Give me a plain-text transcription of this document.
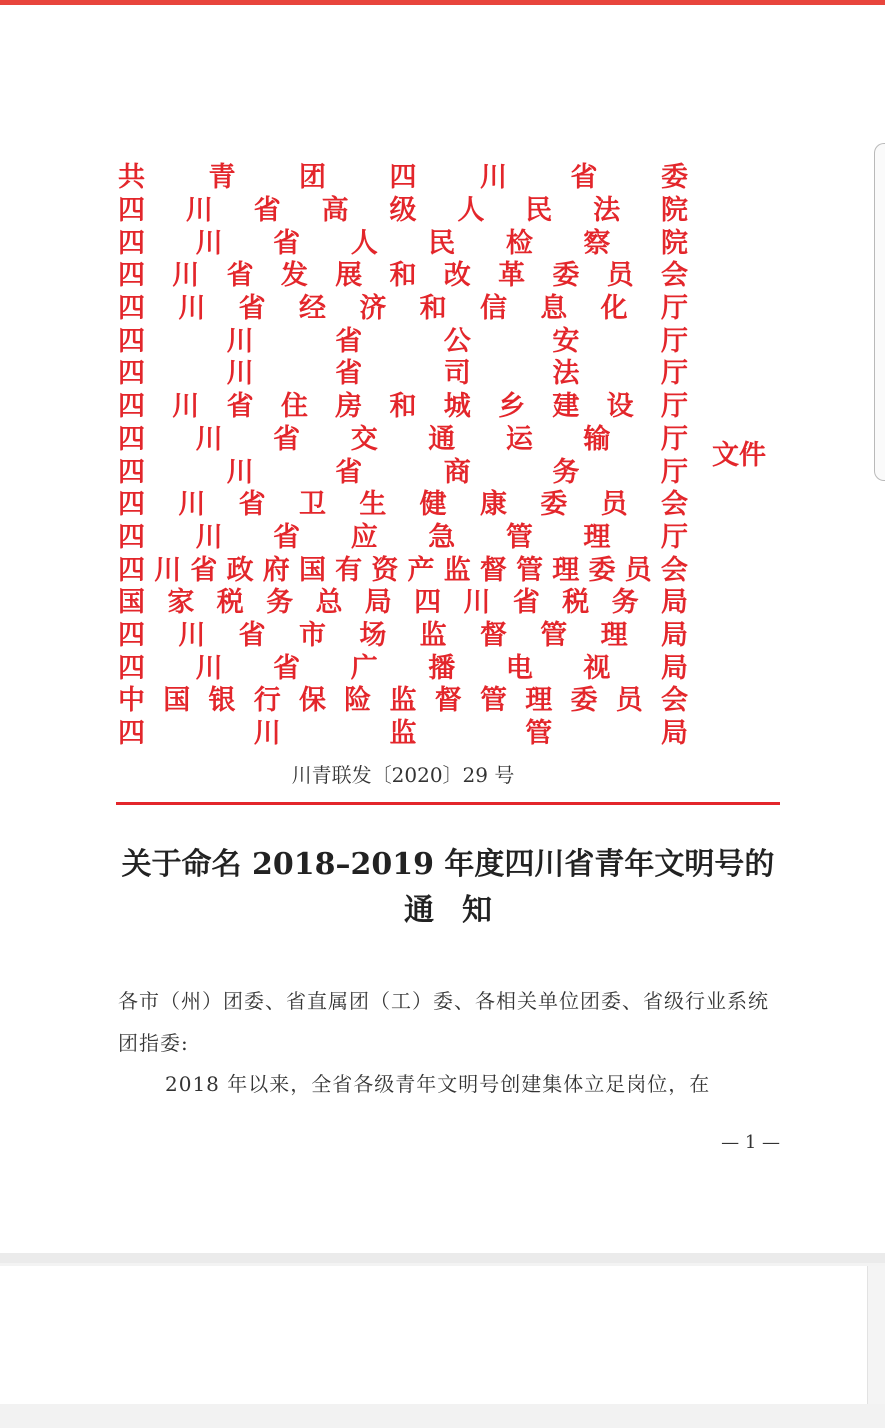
共 青 团 四 川 省 委
四 川 省 高 级 人 民 法 院
四 川 省 人 民 检 察 院
四 川 省 发 展 和 改 革 委 员 会
四 川 省 经 济 和 信 息 化 厅
四	川	省	公	安	厅
四	川	省	司	法	厅
四 川 省 住 房 和 城 乡 建 设 厅
四 川 省 交 通 运 输 厅
四	川	省	商	务	厅
四 川 省 卫 生 健 康 委 员 会
四 川 省 应 急 管 理 厅
四 川 省 政 府 国 有 资 产 监 督 管 理 委 员 会
国 家 税 务 总 局 四 川 省 税 务 局
四 川 省 市 场 监 督 管 理 局
四 川 省 广 播 电 视 局
中 国 银 行 保 险 监 督 管 理 委 员 会
四	川	监	管	局
文件
川青联发〔2020〕29 号
关于命名 2018–2019 年度四川省青年文明号的

通知
各市（州）团委、省直属团（工）委、各相关单位团委、省级行业系统团指委:
2018 年以来，全省各级青年文明号创建集体立足岗位，在
— 1 —
